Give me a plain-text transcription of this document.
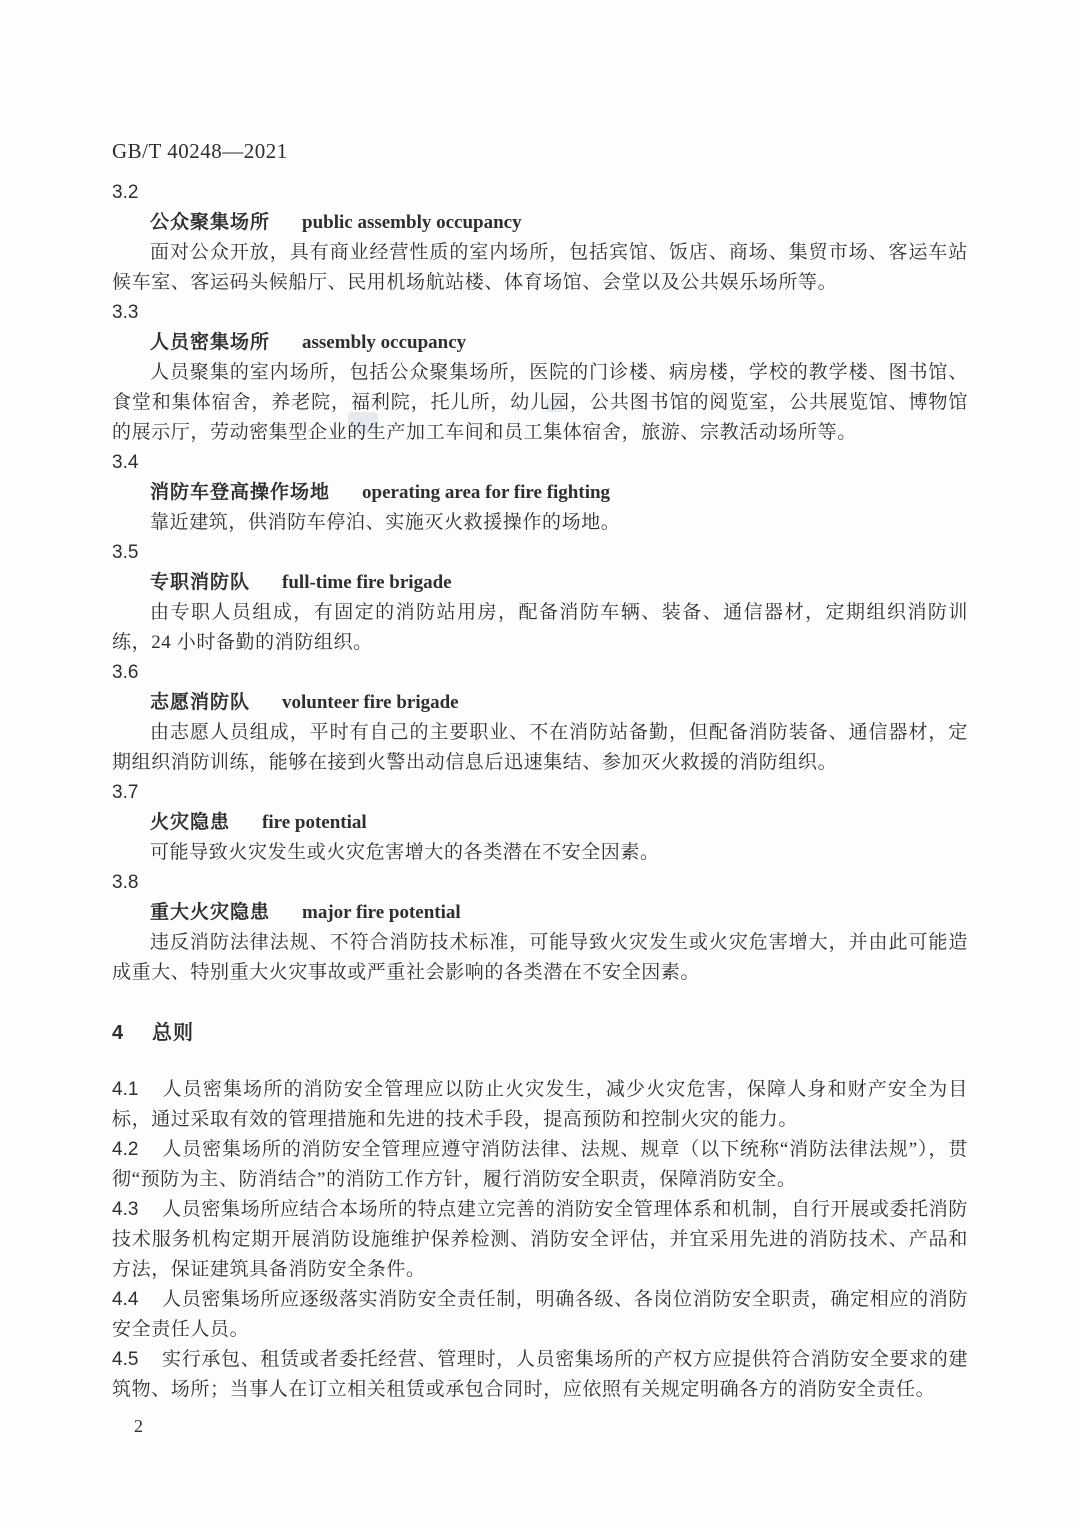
GB/T 40248—2021
3.2
公众聚集场所 public assembly occupancy

面对公众开放，具有商业经营性质的室内场所，包括宾馆、饭店、商场、集贸市场、客运车站候车室、客运码头候船厅、民用机场航站楼、体育场馆、会堂以及公共娱乐场所等。

3.3
人员密集场所 assembly occupancy

人员聚集的室内场所，包括公众聚集场所，医院的门诊楼、病房楼，学校的教学楼、图书馆、食堂和集体宿舍，养老院，福利院，托儿所，幼儿园，公共图书馆的阅览室，公共展览馆、博物馆的展示厅，劳动密集型企业的生产加工车间和员工集体宿舍，旅游、宗教活动场所等。

3.4
消防车登高操作场地 operating area for fire fighting

靠近建筑，供消防车停泊、实施灭火救援操作的场地。

3.5
专职消防队 full-time fire brigade

由专职人员组成，有固定的消防站用房，配备消防车辆、装备、通信器材，定期组织消防训练，24 小时备勤的消防组织。

3.6
志愿消防队 volunteer fire brigade

由志愿人员组成，平时有自己的主要职业、不在消防站备勤，但配备消防装备、通信器材，定期组织消防训练，能够在接到火警出动信息后迅速集结、参加灭火救援的消防组织。

3.7
火灾隐患 fire potential

可能导致火灾发生或火灾危害增大的各类潜在不安全因素。

3.8
重大火灾隐患 major fire potential

违反消防法律法规、不符合消防技术标准，可能导致火灾发生或火灾危害增大，并由此可能造成重大、特别重大火灾事故或严重社会影响的各类潜在不安全因素。

4 总则

4.1 人员密集场所的消防安全管理应以防止火灾发生，减少火灾危害，保障人身和财产安全为目标，通过采取有效的管理措施和先进的技术手段，提高预防和控制火灾的能力。

4.2 人员密集场所的消防安全管理应遵守消防法律、法规、规章（以下统称“消防法律法规”），贯彻“预防为主、防消结合”的消防工作方针，履行消防安全职责，保障消防安全。

4.3 人员密集场所应结合本场所的特点建立完善的消防安全管理体系和机制，自行开展或委托消防技术服务机构定期开展消防设施维护保养检测、消防安全评估，并宜采用先进的消防技术、产品和方法，保证建筑具备消防安全条件。

4.4 人员密集场所应逐级落实消防安全责任制，明确各级、各岗位消防安全职责，确定相应的消防安全责任人员。

4.5 实行承包、租赁或者委托经营、管理时，人员密集场所的产权方应提供符合消防安全要求的建筑物、场所；当事人在订立相关租赁或承包合同时，应依照有关规定明确各方的消防安全责任。

2
